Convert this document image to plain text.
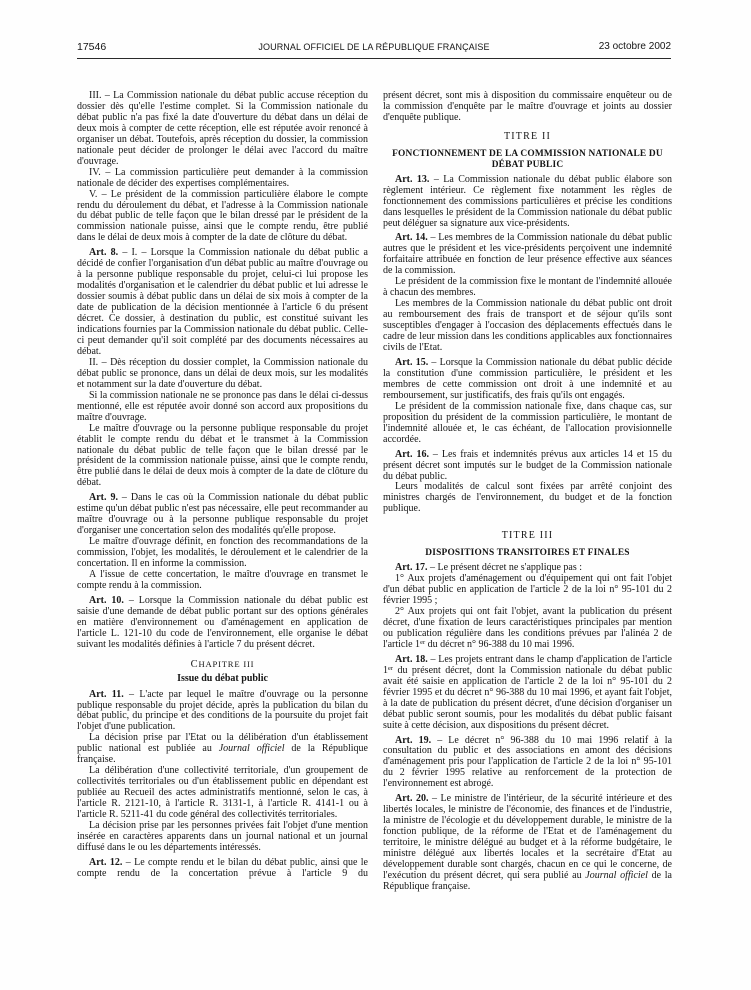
17546	JOURNAL OFFICIEL DE LA RÉPUBLIQUE FRANÇAISE	23 octobre 2002

III. – La Commission nationale du débat public accuse réception du dossier dès qu'elle l'estime complet. Si la Commission nationale du débat public n'a pas fixé la date d'ouverture du débat dans un délai de deux mois à compter de cette réception, elle est réputée avoir renoncé à organiser un débat. Toutefois, après réception du dossier, la commission nationale peut décider de prolonger le délai avec l'accord du maître d'ouvrage.

IV. – La commission particulière peut demander à la commission nationale de décider des expertises complémentaires.

V. – Le président de la commission particulière élabore le compte rendu du déroulement du débat, et l'adresse à la Commission nationale du débat public de telle façon que le bilan dressé par le président de la commission nationale puisse, ainsi que le compte rendu, être publié dans le délai de deux mois à compter de la date de clôture du débat.

Art. 8. – I. – Lorsque la Commission nationale du débat public a décidé de confier l'organisation d'un débat public au maître d'ouvrage ou à la personne publique responsable du projet, celui-ci lui propose les modalités d'organisation et le calendrier du débat public et lui adresse le dossier soumis à débat public dans un délai de six mois à compter de la date de publication de la décision mentionnée à l'article 6 du présent décret. Ce dossier, à destination du public, est constitué suivant les indications fournies par la Commission nationale du débat public. Celle-ci peut demander qu'il soit complété par des documents nécessaires au débat.

II. – Dès réception du dossier complet, la Commission nationale du débat public se prononce, dans un délai de deux mois, sur les modalités et notamment sur la date d'ouverture du débat.

Si la commission nationale ne se prononce pas dans le délai ci-dessus mentionné, elle est réputée avoir donné son accord aux propositions du maître d'ouvrage.

Le maître d'ouvrage ou la personne publique responsable du projet établit le compte rendu du débat et le transmet à la Commission nationale du débat public de telle façon que le bilan dressé par le président de la commission nationale puisse, ainsi que le compte rendu, être publié dans le délai de deux mois à compter de la date de clôture du débat.

Art. 9. – Dans le cas où la Commission nationale du débat public estime qu'un débat public n'est pas nécessaire, elle peut recommander au maître d'ouvrage ou à la personne publique responsable du projet d'organiser une concertation selon des modalités qu'elle propose.

Le maître d'ouvrage définit, en fonction des recommandations de la commission, l'objet, les modalités, le déroulement et le calendrier de la concertation. Il en informe la commission.

A l'issue de cette concertation, le maître d'ouvrage en transmet le compte rendu à la commission.

Art. 10. – Lorsque la Commission nationale du débat public est saisie d'une demande de débat public portant sur des options générales en matière d'environnement ou d'aménagement en application de l'article L. 121-10 du code de l'environnement, elle organise le débat suivant les modalités définies à l'article 7 du présent décret.

CHAPITRE III
Issue du débat public

Art. 11. – L'acte par lequel le maître d'ouvrage ou la personne publique responsable du projet décide, après la publication du bilan du débat public, du principe et des conditions de la poursuite du projet fait l'objet d'une publication.

La décision prise par l'Etat ou la délibération d'un établissement public national est publiée au Journal officiel de la République française.

La délibération d'une collectivité territoriale, d'un groupement de collectivités territoriales ou d'un établissement public en dépendant est publiée au Recueil des actes administratifs mentionné, selon le cas, à l'article R. 2121-10, à l'article R. 3131-1, à l'article R. 4141-1 ou à l'article R. 5211-41 du code général des collectivités territoriales.

La décision prise par les personnes privées fait l'objet d'une mention insérée en caractères apparents dans un journal national et un journal diffusé dans le ou les départements intéressés.

Art. 12. – Le compte rendu et le bilan du débat public, ainsi que le compte rendu de la concertation prévue à l'article 9 du

présent décret, sont mis à disposition du commissaire enquêteur ou de la commission d'enquête par le maître d'ouvrage et joints au dossier d'enquête publique.

TITRE II
FONCTIONNEMENT DE LA COMMISSION NATIONALE DU DÉBAT PUBLIC

Art. 13. – La Commission nationale du débat public élabore son règlement intérieur. Ce règlement fixe notamment les règles de fonctionnement des commissions particulières et précise les conditions dans lesquelles le président de la Commission nationale du débat public peut déléguer sa signature aux vice-présidents.

Art. 14. – Les membres de la Commission nationale du débat public autres que le président et les vice-présidents perçoivent une indemnité forfaitaire attribuée en fonction de leur présence effective aux séances de la commission.

Le président de la commission fixe le montant de l'indemnité allouée à chacun des membres.

Les membres de la Commission nationale du débat public ont droit au remboursement des frais de transport et de séjour qu'ils sont susceptibles d'engager à l'occasion des déplacements effectués dans le cadre de leur mission dans les conditions applicables aux fonctionnaires civils de l'Etat.

Art. 15. – Lorsque la Commission nationale du débat public décide la constitution d'une commission particulière, le président et les membres de cette commission ont droit à une indemnité et au remboursement, sur justificatifs, des frais qu'ils ont engagés.

Le président de la commission nationale fixe, dans chaque cas, sur proposition du président de la commission particulière, le montant de l'indemnité allouée et, le cas échéant, de l'allocation provisionnelle accordée.

Art. 16. – Les frais et indemnités prévus aux articles 14 et 15 du présent décret sont imputés sur le budget de la Commission nationale du débat public.

Leurs modalités de calcul sont fixées par arrêté conjoint des ministres chargés de l'environnement, du budget et de la fonction publique.

TITRE III
DISPOSITIONS TRANSITOIRES ET FINALES

Art. 17. – Le présent décret ne s'applique pas :

1° Aux projets d'aménagement ou d'équipement qui ont fait l'objet d'un débat public en application de l'article 2 de la loi n° 95-101 du 2 février 1995 ;

2° Aux projets qui ont fait l'objet, avant la publication du présent décret, d'une fixation de leurs caractéristiques principales par mention ou publication régulière dans les conditions prévues par l'alinéa 2 de l'article 1er du décret n° 96-388 du 10 mai 1996.

Art. 18. – Les projets entrant dans le champ d'application de l'article 1er du présent décret, dont la Commission nationale du débat public avait été saisie en application de l'article 2 de la loi n° 95-101 du 2 février 1995 et du décret n° 96-388 du 10 mai 1996, et ayant fait l'objet, à la date de publication du présent décret, d'une décision d'organiser un débat public seront soumis, pour les modalités du débat public faisant suite à cette décision, aux dispositions du présent décret.

Art. 19. – Le décret n° 96-388 du 10 mai 1996 relatif à la consultation du public et des associations en amont des décisions d'aménagement pris pour l'application de l'article 2 de la loi n° 95-101 du 2 février 1995 relative au renforcement de la protection de l'environnement est abrogé.

Art. 20. – Le ministre de l'intérieur, de la sécurité intérieure et des libertés locales, le ministre de l'économie, des finances et de l'industrie, la ministre de l'écologie et du développement durable, le ministre de la fonction publique, de la réforme de l'Etat et de l'aménagement du territoire, le ministre délégué au budget et à la réforme budgétaire, le ministre délégué aux libertés locales et la secrétaire d'Etat au développement durable sont chargés, chacun en ce qui le concerne, de l'exécution du présent décret, qui sera publié au Journal officiel de la République française.
